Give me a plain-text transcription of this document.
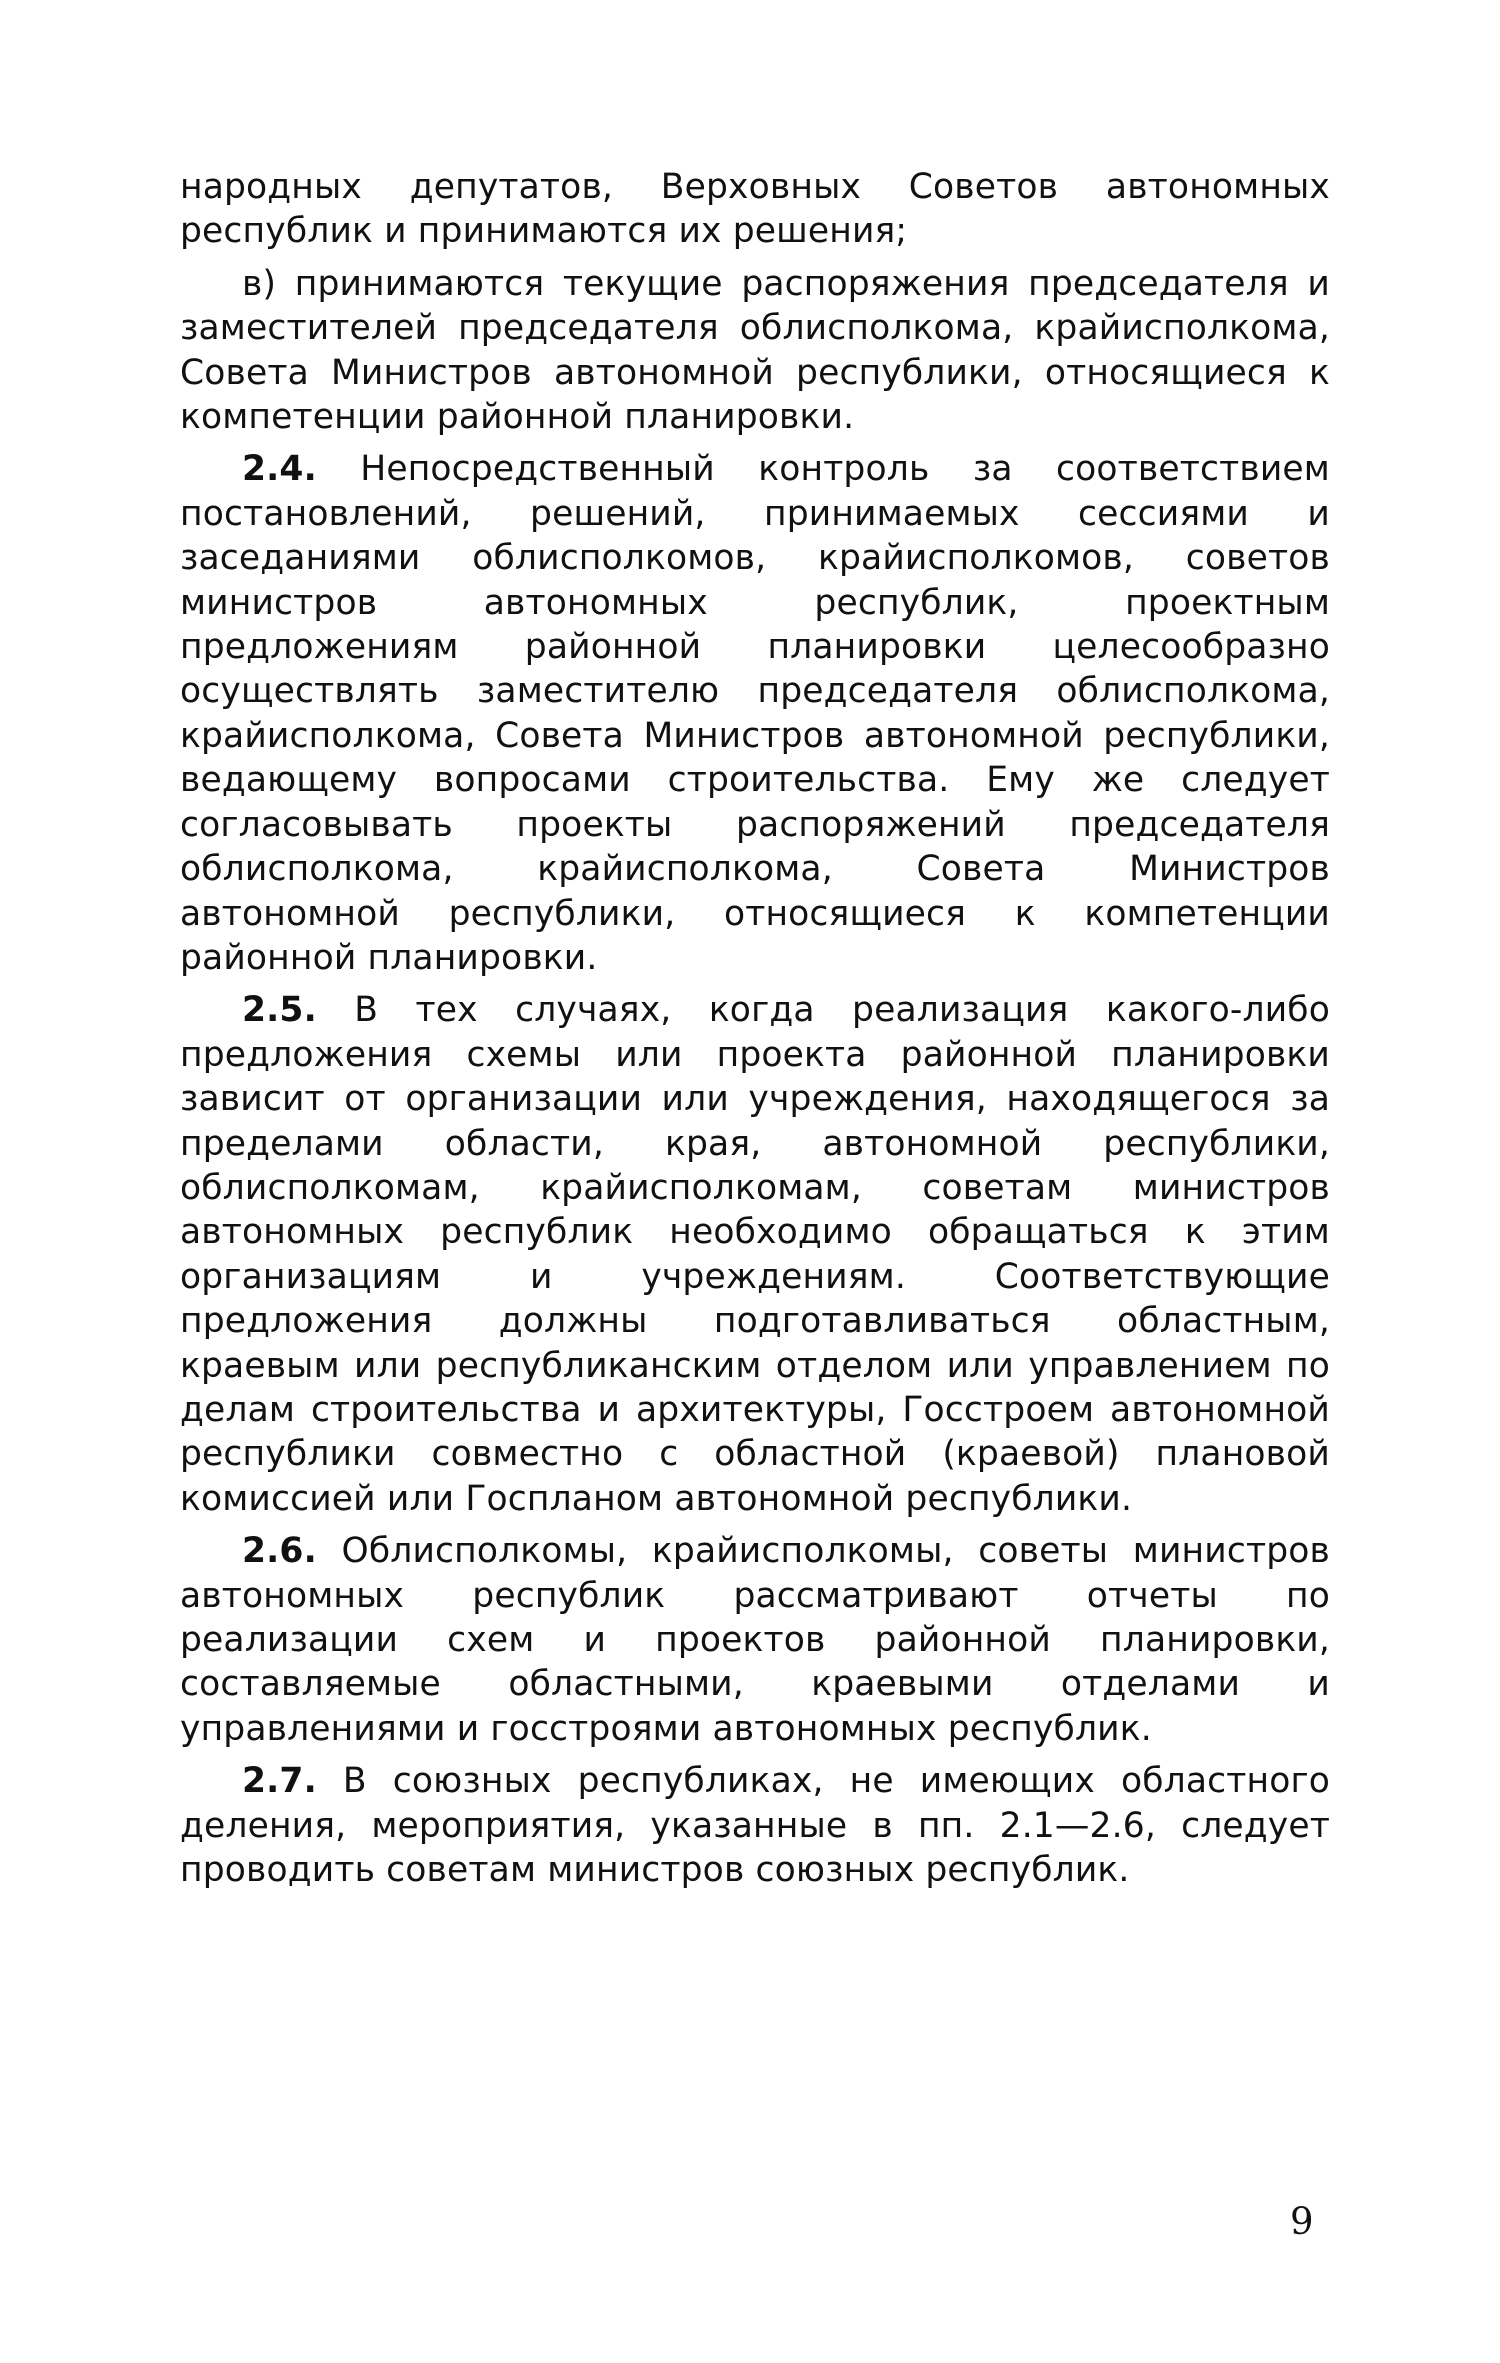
народных депутатов, Верховных Советов автономных республик и принимаются их решения;

в) принимаются текущие распоряжения председателя и заместителей председателя облисполкома, крайисполкома, Совета Министров автономной республики, относящиеся к компетенции районной планировки.

2.4. Непосредственный контроль за соответствием постановлений, решений, принимаемых сессиями и заседаниями облисполкомов, крайисполкомов, советов министров автономных республик, проектным предложениям районной планировки целесообразно осуществлять заместителю председателя облисполкома, крайисполкома, Совета Министров автономной республики, ведающему вопросами строительства. Ему же следует согласовывать проекты распоряжений председателя облисполкома, крайисполкома, Совета Министров автономной республики, относящиеся к компетенции районной планировки.

2.5. В тех случаях, когда реализация какого-либо предложения схемы или проекта районной планировки зависит от организации или учреждения, находящегося за пределами области, края, автономной республики, облисполкомам, крайисполкомам, советам министров автономных республик необходимо обращаться к этим организациям и учреждениям. Соответствующие предложения должны подготавливаться областным, краевым или республиканским отделом или управлением по делам строительства и архитектуры, Госстроем автономной республики совместно с областной (краевой) плановой комиссией или Госпланом автономной республики.

2.6. Облисполкомы, крайисполкомы, советы министров автономных республик рассматривают отчеты по реализации схем и проектов районной планировки, составляемые областными, краевыми отделами и управлениями и госстроями автономных республик.

2.7. В союзных республиках, не имеющих областного деления, мероприятия, указанные в пп. 2.1—2.6, следует проводить советам министров союзных республик.

9
